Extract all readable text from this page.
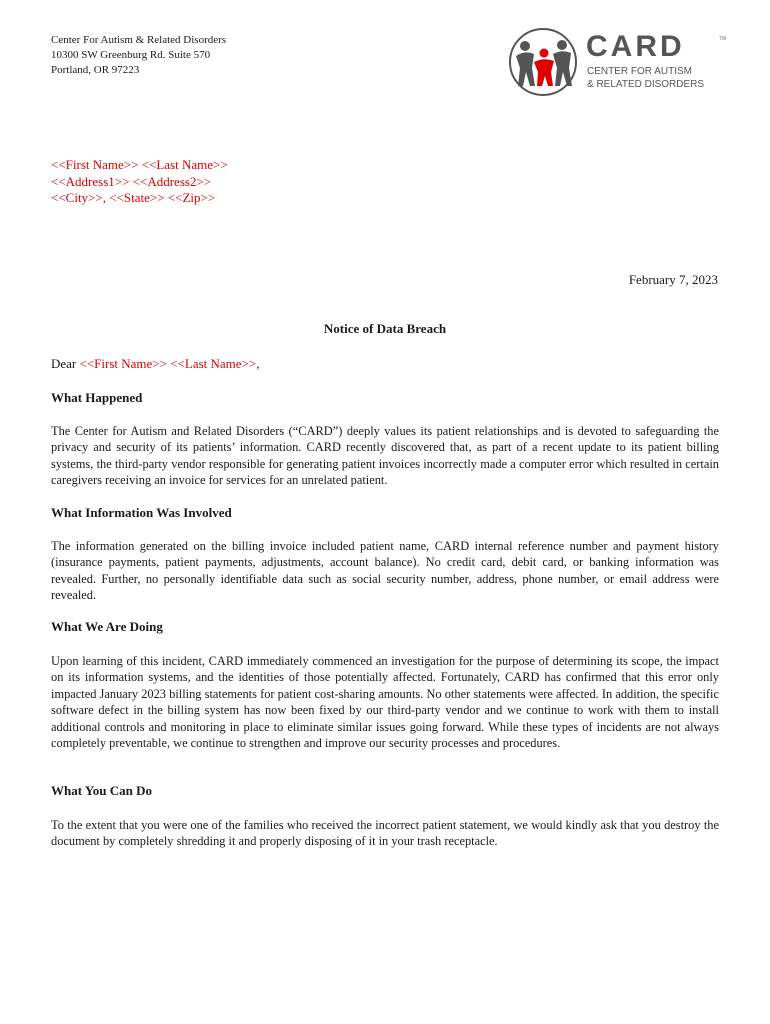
Center For Autism & Related Disorders
10300 SW Greenburg Rd. Suite 570
Portland, OR 97223
CARD	TM
CENTER FOR AUTISM
& RELATED DISORDERS
<<First Name>> <<Last Name>>
<<Address1>> <<Address2>>
<<City>>, <<State>> <<Zip>>
February 7, 2023
Notice of Data Breach
Dear <<First Name>> <<Last Name>>,
What Happened

The Center for Autism and Related Disorders (“CARD”) deeply values its patient relationships and is devoted to safeguarding the privacy and security of its patients’ information. CARD recently discovered that, as part of a recent update to its patient billing systems, the third-party vendor responsible for generating patient invoices incorrectly made a computer error which resulted in certain caregivers receiving an invoice for services for an unrelated patient.

What Information Was Involved

The information generated on the billing invoice included patient name, CARD internal reference number and payment history (insurance payments, patient payments, adjustments, account balance). No credit card, debit card, or banking information was revealed. Further, no personally identifiable data such as social security number, address, phone number, or email address were revealed.

What We Are Doing

Upon learning of this incident, CARD immediately commenced an investigation for the purpose of determining its scope, the impact on its information systems, and the identities of those potentially affected. Fortunately, CARD has confirmed that this error only impacted January 2023 billing statements for patient cost-sharing amounts. No other statements were affected. In addition, the specific software defect in the billing system has now been fixed by our third-party vendor and we continue to work with them to install additional controls and monitoring in place to eliminate similar issues going forward. While these types of incidents are not always completely preventable, we continue to strengthen and improve our security processes and procedures.

What You Can Do

To the extent that you were one of the families who received the incorrect patient statement, we would kindly ask that you destroy the document by completely shredding it and properly disposing of it in your trash receptacle.
